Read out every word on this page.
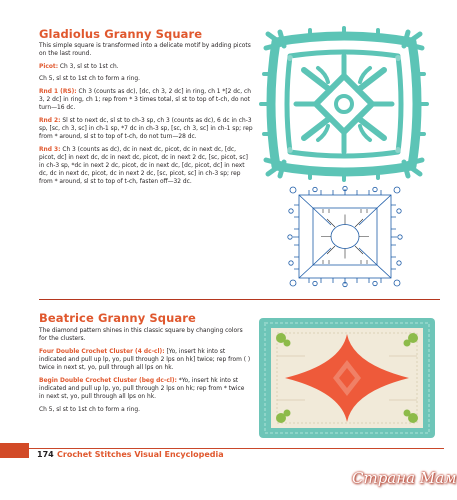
Gladiolus Granny Square

This simple square is transformed into a delicate motif by adding picots on the last round.

Picot: Ch 3, sl st to 1st ch.

Ch 5, sl st to 1st ch to form a ring.

Rnd 1 (RS): Ch 3 (counts as dc), [dc, ch 3, 2 dc] in ring, ch 1 *[2 dc, ch 3, 2 dc] in ring, ch 1; rep from * 3 times total, sl st to top of t-ch, do not turn—16 dc.

Rnd 2: Sl st to next dc, sl st to ch-3 sp, ch 3 (counts as dc), 6 dc in ch-3 sp, [sc, ch 3, sc] in ch-1 sp, *7 dc in ch-3 sp, [sc, ch 3, sc] in ch-1 sp; rep from * around, sl st to top of t-ch, do not turn—28 dc.

Rnd 3: Ch 3 (counts as dc), dc in next dc, picot, dc in next dc, [dc, picot, dc] in next dc, dc in next dc, picot, dc in next 2 dc, [sc, picot, sc] in ch-3 sp, *dc in next 2 dc, picot, dc in next dc, [dc, picot, dc] in next dc, dc in next dc, picot, dc in next 2 dc, [sc, picot, sc] in ch-3 sp; rep from * around, sl st to top of t-ch, fasten off—32 dc.

Beatrice Granny Square

The diamond pattern shines in this classic square by changing colors for the clusters.

Four Double Crochet Cluster (4 dc-cl): [Yo, insert hk into st indicated and pull up lp, yo, pull through 2 lps on hk] twice; rep from ( ) twice in next st, yo, pull through all lps on hk.

Begin Double Crochet Cluster (beg dc-cl): *Yo, insert hk into st indicated and pull up lp, yo, pull through 2 lps on hk; rep from * twice in next st, yo, pull through all lps on hk.

Ch 5, sl st to 1st ch to form a ring.

174 Crochet Stitches Visual Encyclopedia
Страна Мам
